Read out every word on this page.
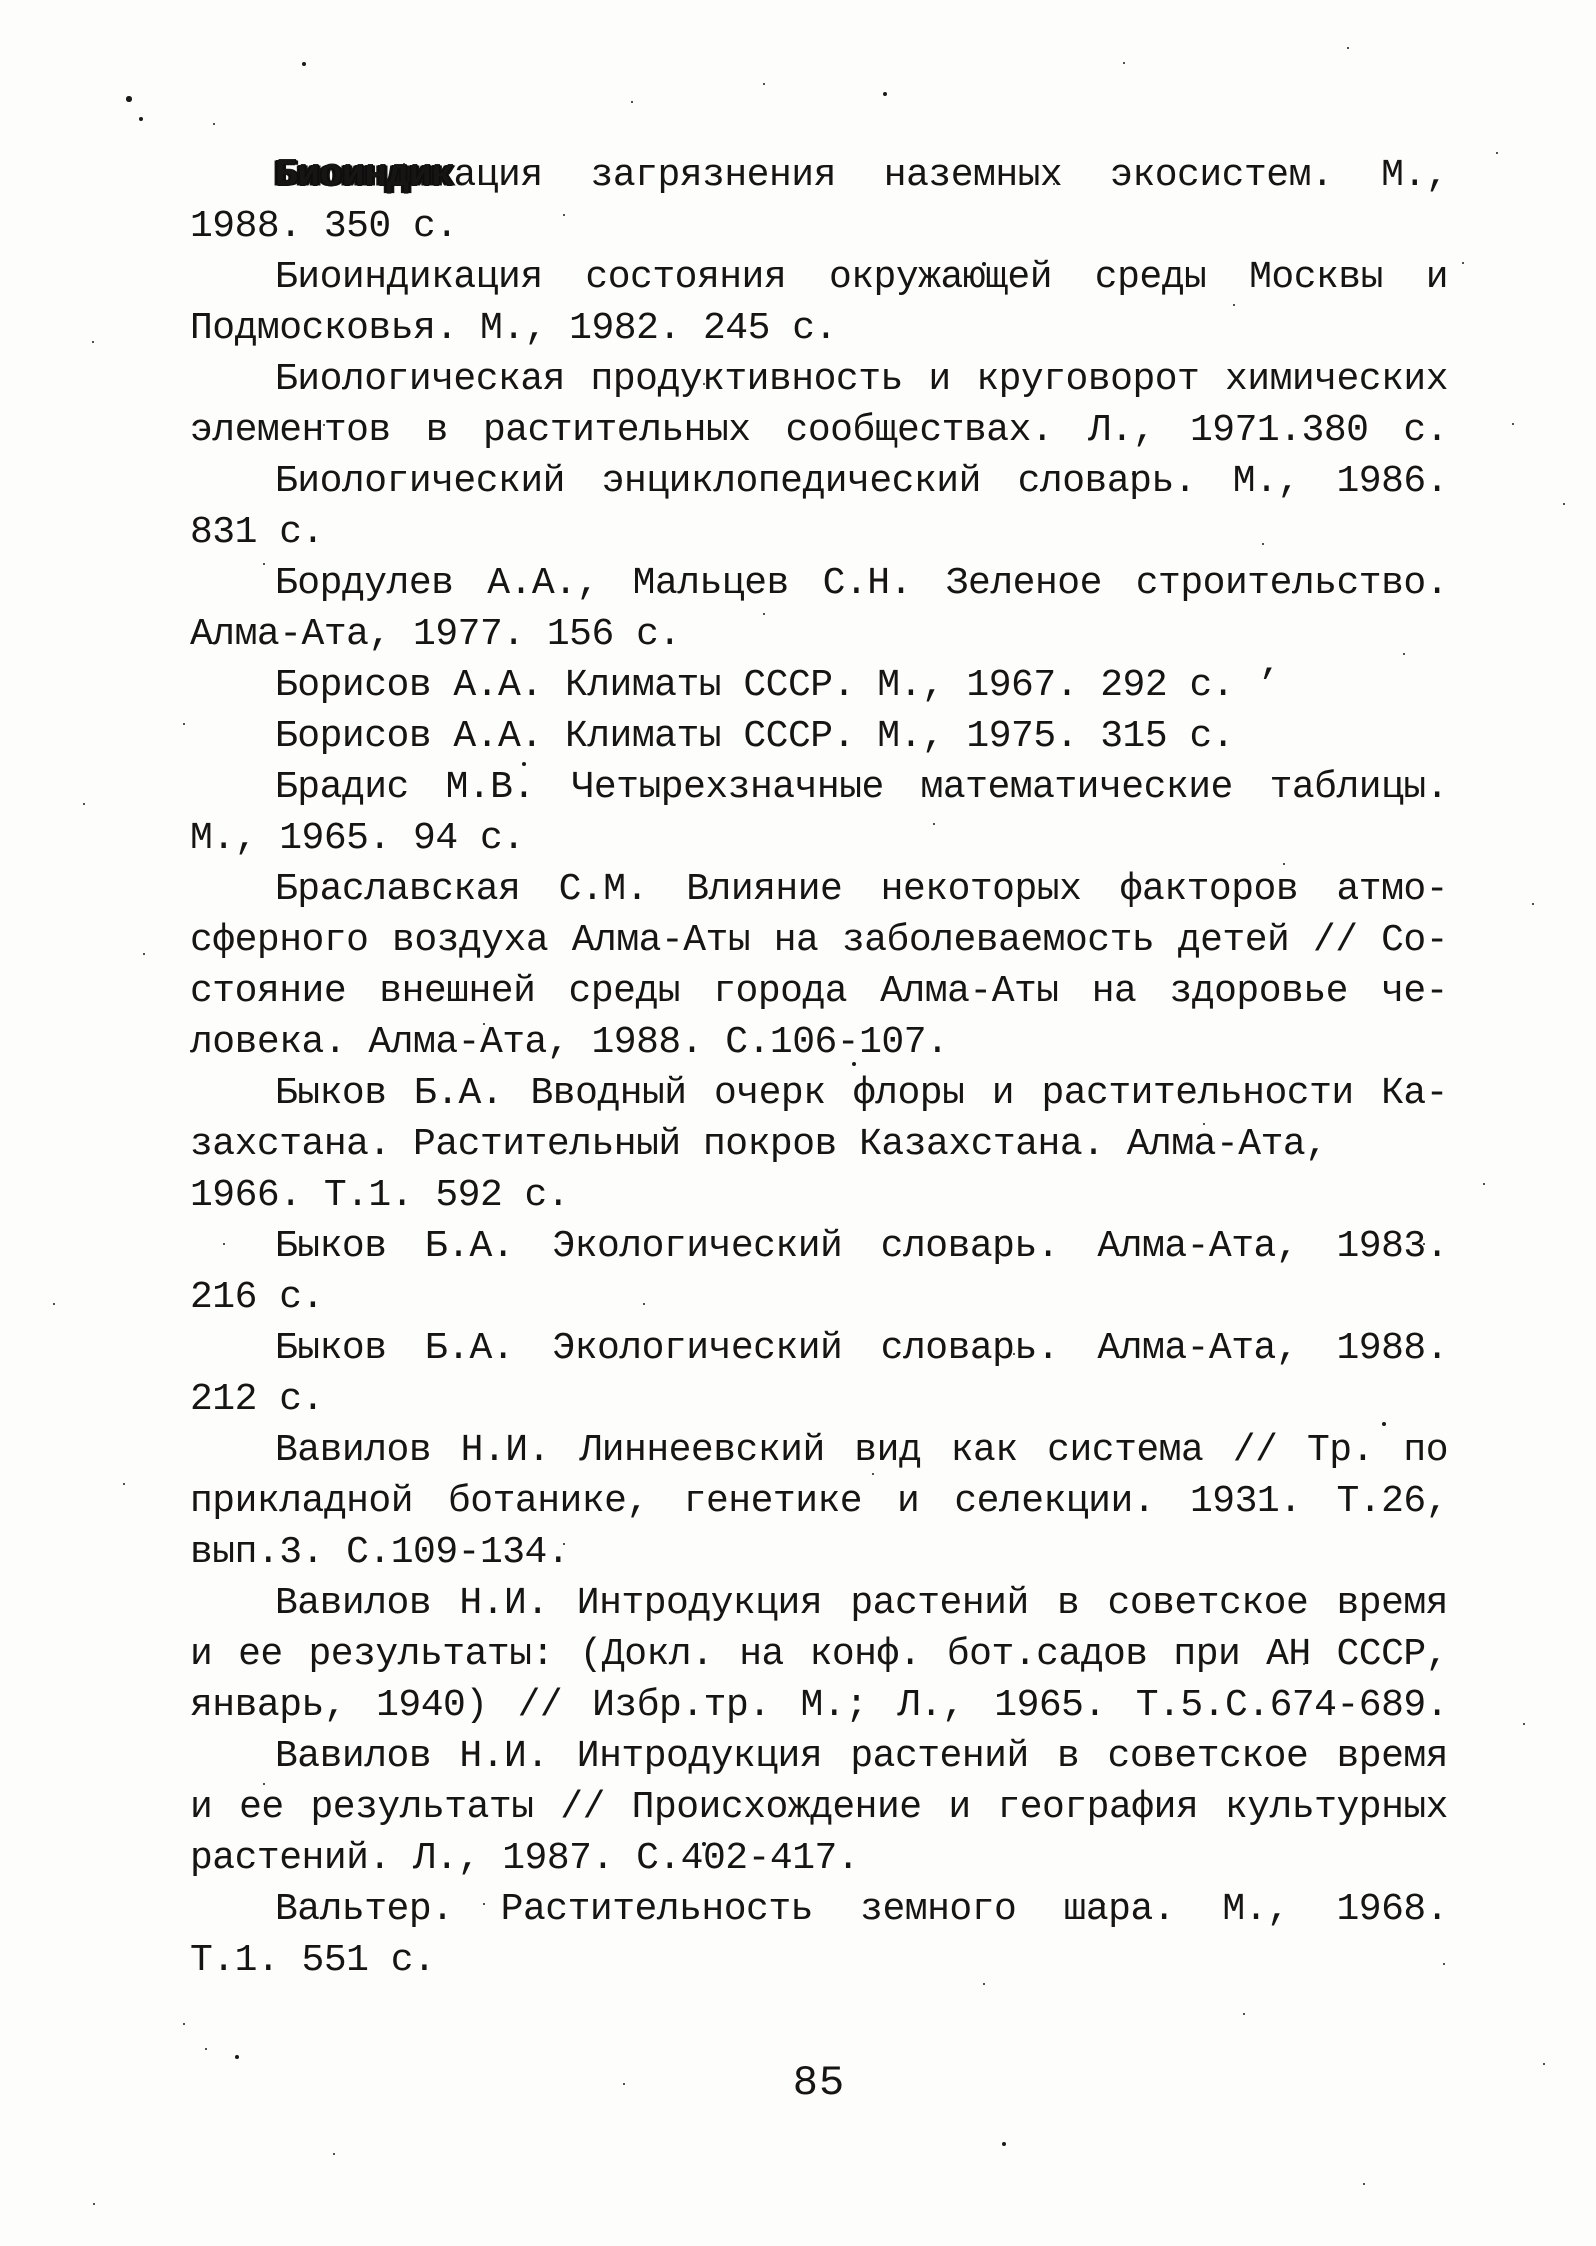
Биоиндикация загрязнения наземных экосистем. М.,
1988. 350 с.
Биоиндикация состояния окружающей среды Москвы и
Подмосковья. М., 1982. 245 с.
Биологическая продуктивность и круговорот химических
элементов в растительных сообществах. Л., 1971.380 с.
Биологический энциклопедический словарь. М., 1986.
831 с.
Бордулев А.А., Мальцев С.Н. Зеленое строительство.
Алма-Ата, 1977. 156 с.
Борисов А.А. Климаты СССР. М., 1967. 292 с. ’
Борисов А.А. Климаты СССР. М., 1975. 315 с.
Брадис М.В. Четырехзначные математические таблицы.
М., 1965. 94 с.
Браславская С.М. Влияние некоторых факторов атмо-
сферного воздуха Алма-Аты на заболеваемость детей // Со-
стояние внешней среды города Алма-Аты на здоровье че-
ловека. Алма-Ата, 1988. С.106-107.
Быков Б.А. Вводный очерк флоры и растительности Ка-
захстана. Растительный покров Казахстана. Алма-Ата,
1966. Т.1. 592 с.
Быков Б.А. Экологический словарь. Алма-Ата, 1983.
216 с.
Быков Б.А. Экологический словарь. Алма-Ата, 1988.
212 с.
Вавилов Н.И. Линнеевский вид как система // Тр. по
прикладной ботанике, генетике и селекции. 1931. Т.26,
вып.3. С.109-134.
Вавилов Н.И. Интродукция растений в советское время
и ее результаты: (Докл. на конф. бот.садов при АН СССР,
январь, 1940) // Избр.тр. М.; Л., 1965. Т.5.С.674-689.
Вавилов Н.И. Интродукция растений в советское время
и ее результаты // Происхождение и география культурных
растений. Л., 1987. С.402-417.
Вальтер. Растительность земного шара. М., 1968.
Т.1. 551 с.
85
